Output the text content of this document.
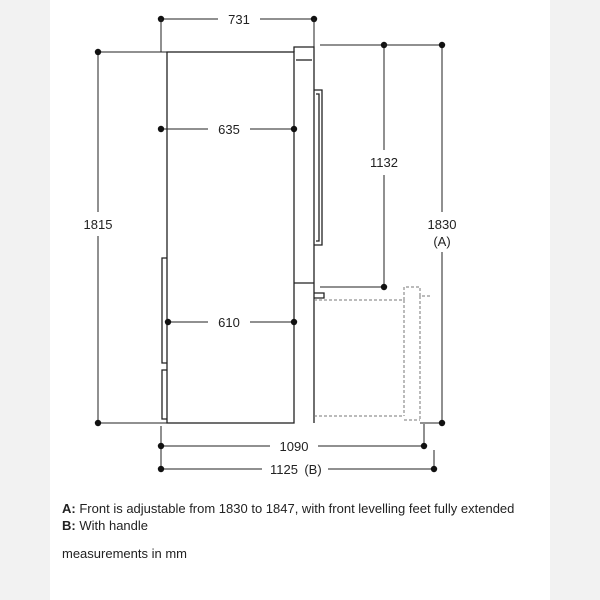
731
635
610
1815
1132
1830
(A)
1090
1125 (B)
A: Front is adjustable from 1830 to 1847, with front levelling feet fully extended
B: With handle
measurements in mm
